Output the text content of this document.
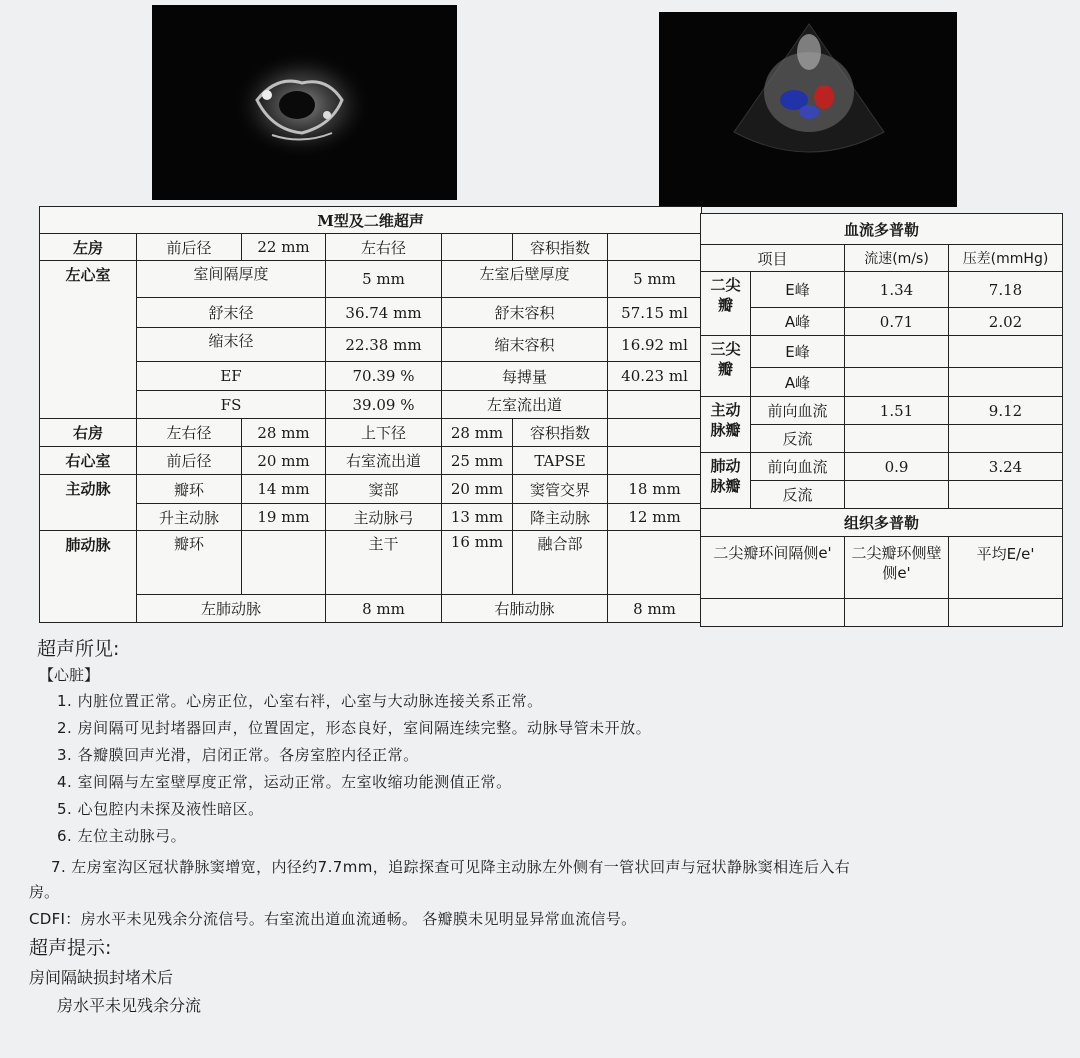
M型及二维超声						
左房	前后径	22 mm	左右径		容积指数	
左心室	室间隔厚度		5 mm	左室后壁厚度		5 mm
	舒末径		36.74 mm	舒末容积		57.15 ml
	缩末径		22.38 mm	缩末容积		16.92 ml
	EF		70.39 %	每搏量		40.23 ml
	FS		39.09 %	左室流出道		
右房	左右径	28 mm	上下径	28 mm	容积指数	
右心室	前后径	20 mm	右室流出道	25 mm	TAPSE	
主动脉	瓣环	14 mm	窦部	20 mm	窦管交界	18 mm
	升主动脉	19 mm	主动脉弓	13 mm	降主动脉	12 mm
肺动脉	瓣环		主干	16 mm	融合部	
	左肺动脉		8 mm	右肺动脉		8 mm
血流多普勒			
项目		流速(m/s)	压差(mmHg)
二尖瓣	E峰	1.34	7.18
	A峰	0.71	2.02
三尖瓣	E峰		
	A峰		
主动脉瓣	前向血流	1.51	9.12
	反流		
肺动脉瓣	前向血流	0.9	3.24
	反流		
组织多普勒			
二尖瓣环间隔侧e'		二尖瓣环侧壁侧e'	平均E/e'

超声所见:
【心脏】
1. 内脏位置正常。心房正位，心室右袢，心室与大动脉连接关系正常。
2. 房间隔可见封堵器回声，位置固定，形态良好，室间隔连续完整。动脉导管未开放。
3. 各瓣膜回声光滑，启闭正常。各房室腔内径正常。
4. 室间隔与左室壁厚度正常，运动正常。左室收缩功能测值正常。
5. 心包腔内未探及液性暗区。
6. 左位主动脉弓。
7. 左房室沟区冠状静脉窦增宽，内径约7.7mm，追踪探查可见降主动脉左外侧有一管状回声与冠状静脉窦相连后入右
房。
CDFI：房水平未见残余分流信号。右室流出道血流通畅。 各瓣膜未见明显异常血流信号。
超声提示:
房间隔缺损封堵术后
房水平未见残余分流
